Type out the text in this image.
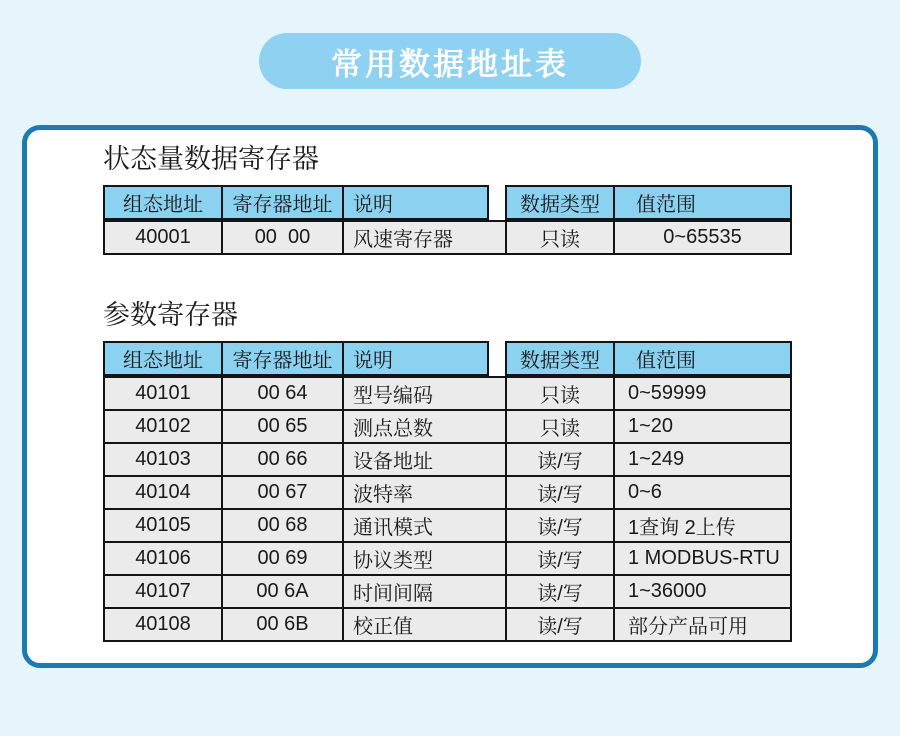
常用数据地址表
状态量数据寄存器
组态地址	寄存器地址	说明	数据类型	值范围
40001	00  00	风速寄存器	只读	0~65535
参数寄存器
组态地址	寄存器地址	说明	数据类型	值范围
40101	00 64	型号编码	只读	0~59999
40102	00 65	测点总数	只读	1~20
40103	00 66	设备地址	读/写	1~249
40104	00 67	波特率	读/写	0~6
40105	00 68	通讯模式	读/写	1查询 2上传
40106	00 69	协议类型	读/写	1 MODBUS-RTU
40107	00 6A	时间间隔	读/写	1~36000
40108	00 6B	校正值	读/写	部分产品可用
